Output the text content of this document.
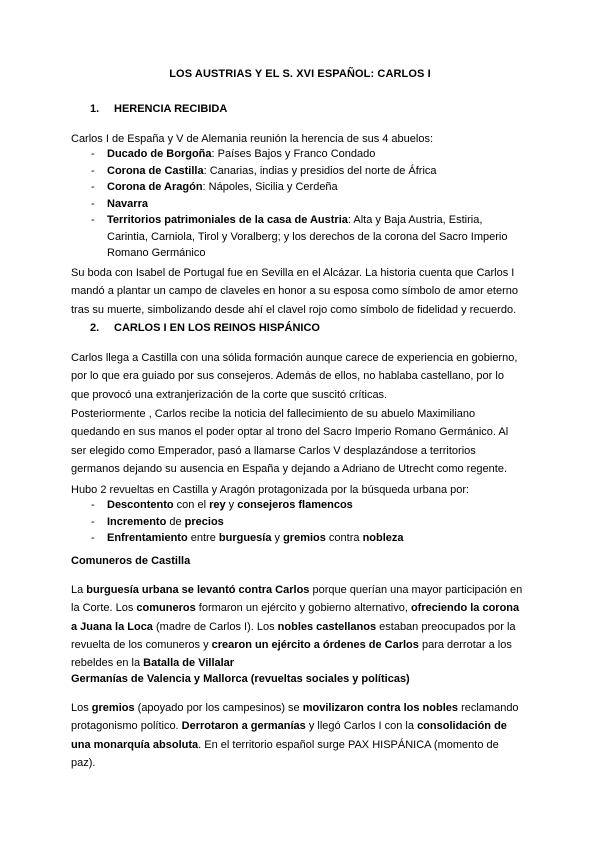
LOS AUSTRIAS Y EL S. XVI ESPAÑOL: CARLOS I
1. HERENCIA RECIBIDA
Carlos I de España y V de Alemania reunión la herencia de sus 4 abuelos:
- Ducado de Borgoña: Países Bajos y Franco Condado
- Corona de Castilla: Canarias, indias y presidios del norte de África
- Corona de Aragón: Nápoles, Sicilia y Cerdeña
- Navarra
- Territorios patrimoniales de la casa de Austria: Alta y Baja Austria, Estiria,
Carintia, Carniola, Tirol y Voralberg; y los derechos de la corona del Sacro Imperio
Romano Germánico
Su boda con Isabel de Portugal fue en Sevilla en el Alcázar. La historia cuenta que Carlos I
mandó a plantar un campo de claveles en honor a su esposa como símbolo de amor eterno
tras su muerte, simbolizando desde ahí el clavel rojo como símbolo de fidelidad y recuerdo.
2. CARLOS I EN LOS REINOS HISPÁNICO
Carlos llega a Castilla con una sólida formación aunque carece de experiencia en gobierno,
por lo que era guiado por sus consejeros. Además de ellos, no hablaba castellano, por lo
que provocó una extranjerización de la corte que suscitó críticas.
Posteriormente , Carlos recibe la noticia del fallecimiento de su abuelo Maximiliano
quedando en sus manos el poder optar al trono del Sacro Imperio Romano Germánico. Al
ser elegido como Emperador, pasó a llamarse Carlos V desplazándose a territorios
germanos dejando su ausencia en España y dejando a Adriano de Utrecht como regente.
Hubo 2 revueltas en Castilla y Aragón protagonizada por la búsqueda urbana por:
- Descontento con el rey y consejeros flamencos
- Incremento de precios
- Enfrentamiento entre burguesía y gremios contra nobleza
Comuneros de Castilla
La burguesía urbana se levantó contra Carlos porque querían una mayor participación en
la Corte. Los comuneros formaron un ejército y gobierno alternativo, ofreciendo la corona
a Juana la Loca (madre de Carlos I). Los nobles castellanos estaban preocupados por la
revuelta de los comuneros y crearon un ejército a órdenes de Carlos para derrotar a los
rebeldes en la Batalla de Villalar
Germanías de Valencia y Mallorca (revueltas sociales y políticas)
Los gremios (apoyado por los campesinos) se movilizaron contra los nobles reclamando
protagonismo político. Derrotaron a germanías y llegó Carlos I con la consolidación de
una monarquía absoluta. En el territorio español surge PAX HISPÁNICA (momento de
paz).
